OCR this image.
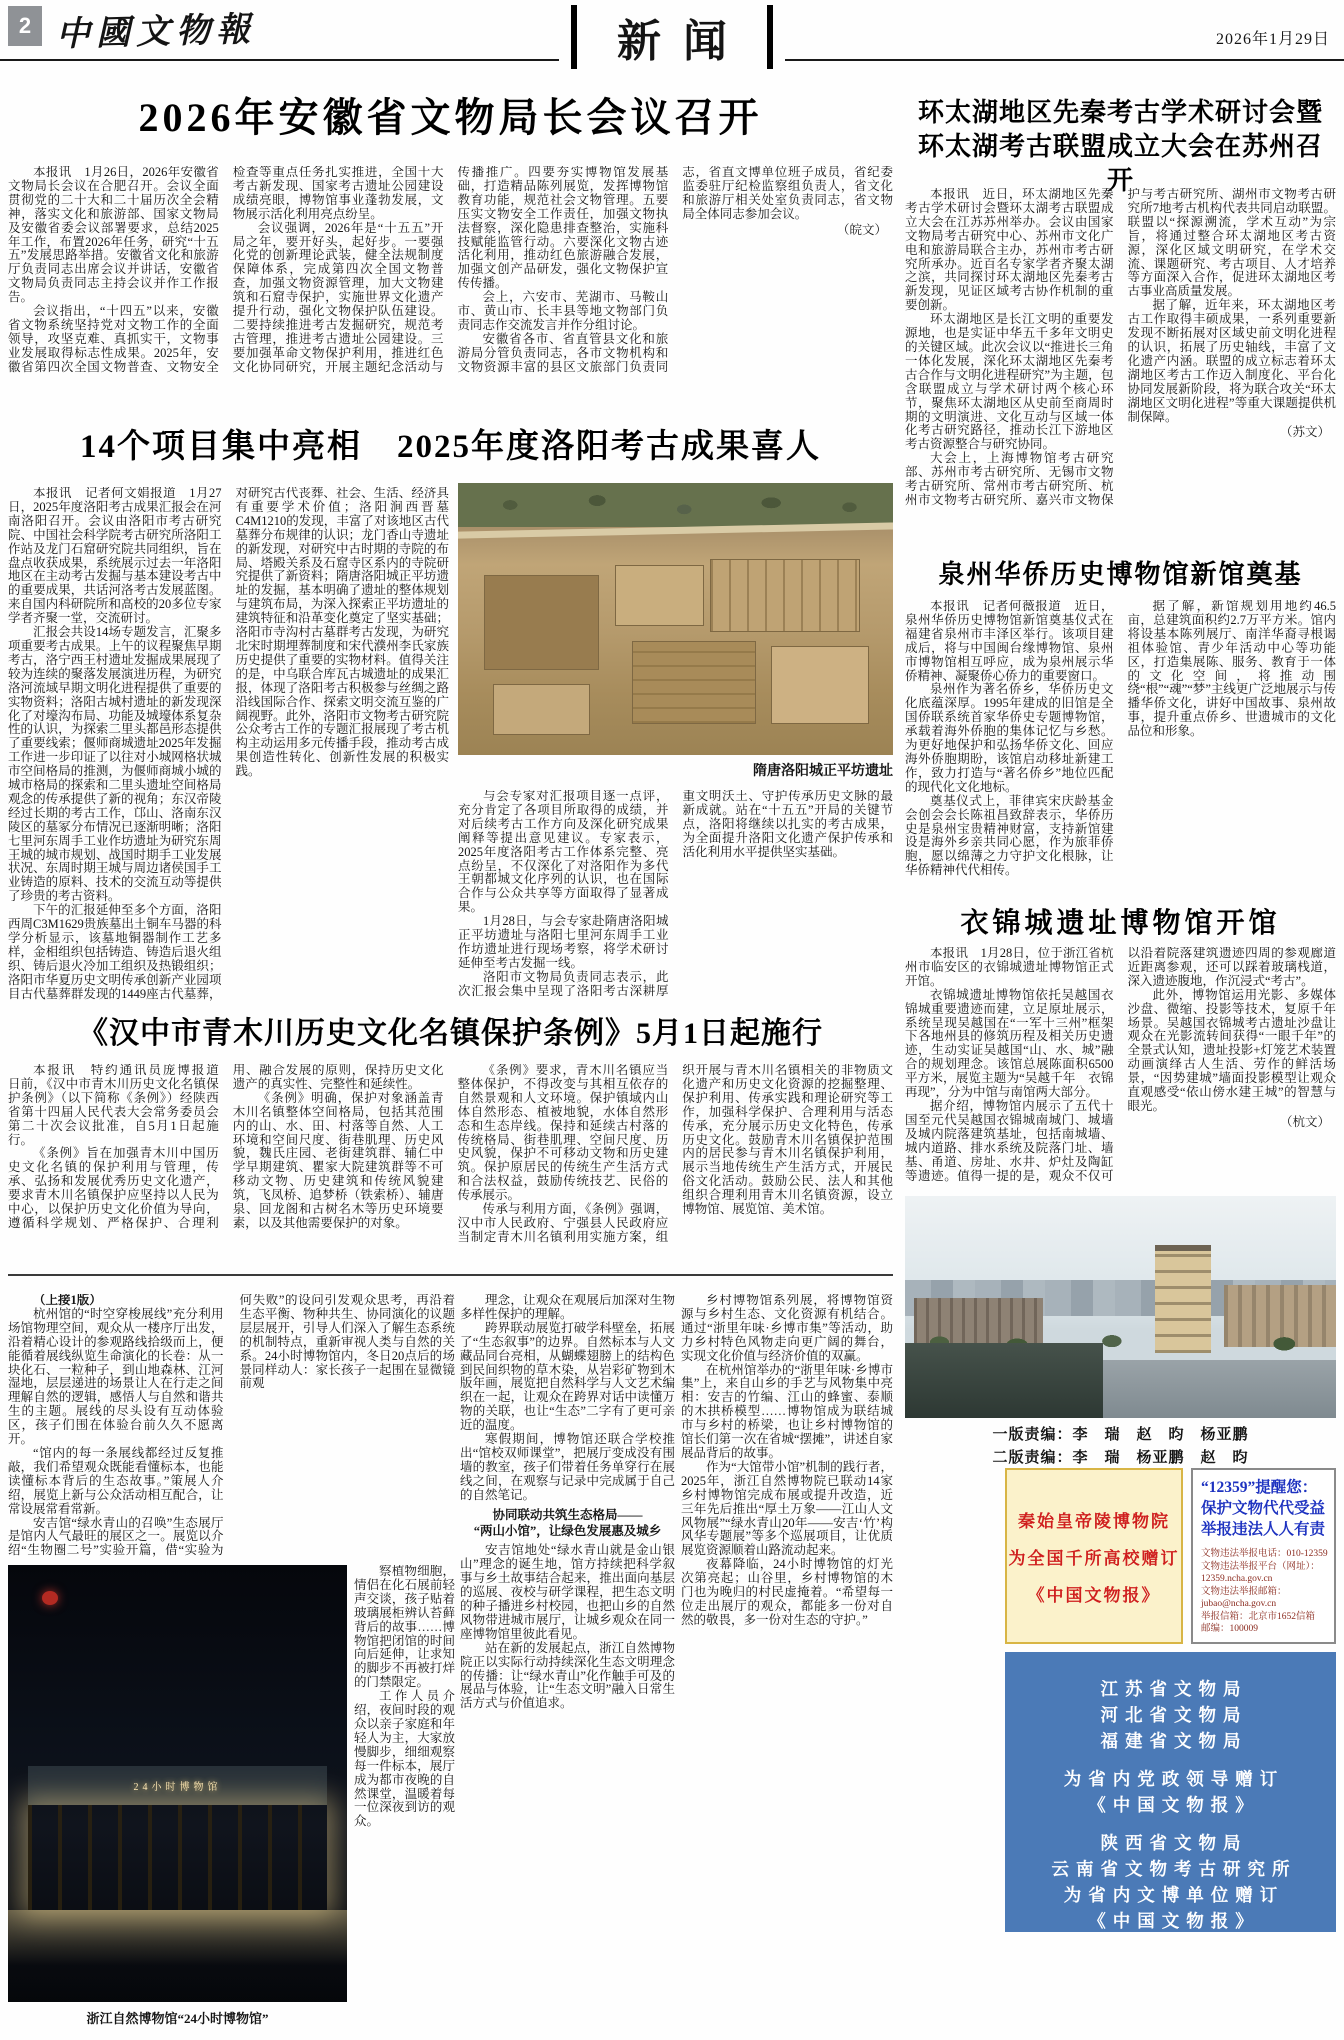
2 中國文物報	新闻	2026年1月29日
2026年安徽省文物局长会议召开

本报讯　1月26日，2026年安徽省文物局长会议在合肥召开。会议全面贯彻党的二十大和二十届历次全会精神，落实文化和旅游部、国家文物局及安徽省委会议部署要求，总结2025年工作，布置2026年任务，研究“十五五”发展思路举措。安徽省文化和旅游厅负责同志出席会议并讲话，安徽省文物局负责同志主持会议并作工作报告。

会议指出，“十四五”以来，安徽省文物系统坚持党对文物工作的全面领导，攻坚克难、真抓实干，文物事业发展取得标志性成果。2025年，安徽省第四次全国文物普查、文物安全检查等重点任务扎实推进，全国十大考古新发现、国家考古遗址公园建设成绩亮眼，博物馆事业蓬勃发展，文物展示活化利用亮点纷呈。

会议强调，2026年是“十五五”开局之年，要开好头，起好步。一要强化党的创新理论武装，健全法规制度保障体系，完成第四次全国文物普查，加强文物资源管理，加大文物建筑和石窟寺保护，实施世界文化遗产提升行动，强化文物保护队伍建设。二要持续推进考古发掘研究，规范考古管理，推进考古遗址公园建设。三要加强革命文物保护利用，推进红色文化协同研究，开展主题纪念活动与传播推广。四要夯实博物馆发展基础，打造精品陈列展览，发挥博物馆教育功能，规范社会文物管理。五要压实文物安全工作责任，加强文物执法督察，深化隐患排查整治，实施科技赋能监管行动。六要深化文物古迹活化利用，推动红色旅游融合发展，加强文创产品研发，强化文物保护宣传传播。

会上，六安市、芜湖市、马鞍山市、黄山市、长丰县等地文物部门负责同志作交流发言并作分组讨论。

安徽省各市、省直管县文化和旅游局分管负责同志，各市文物机构和文物资源丰富的县区文旅部门负责同志，省直文博单位班子成员，省纪委监委驻厅纪检监察组负责人，省文化和旅游厅相关处室负责同志，省文物局全体同志参加会议。

（皖文）

14个项目集中亮相　2025年度洛阳考古成果喜人

本报讯　记者何文娟报道　1月27日，2025年度洛阳考古成果汇报会在河南洛阳召开。会议由洛阳市考古研究院、中国社会科学院考古研究所洛阳工作站及龙门石窟研究院共同组织，旨在盘点收获成果，系统展示过去一年洛阳地区在主动考古发掘与基本建设考古中的重要成果，共话河洛考古发展蓝图。来自国内科研院所和高校的20多位专家学者齐聚一堂，交流研讨。

汇报会共设14场专题发言，汇聚多项重要考古成果。上午的议程聚焦早期考古，洛宁西王村遗址发掘成果展现了较为连续的聚落发展演进历程，为研究洛河流域早期文明化进程提供了重要的实物资料；洛阳古城村遗址的新发现深化了对壕沟布局、功能及城壕体系复杂性的认识，为探索二里头都邑形态提供了重要线索；偃师商城遗址2025年发掘工作进一步印证了以往对小城网格状城市空间格局的推测，为偃师商城小城的城市格局的探索和二里头遗址空间格局观念的传承提供了新的视角；东汉帝陵经过长期的考古工作，邙山、洛南东汉陵区的墓冢分布情况已逐渐明晰；洛阳七里河东周手工业作坊遗址为研究东周王城的城市规划、战国时期手工业发展状况、东周时期王城与周边诸侯国手工业铸造的原料、技术的交流互动等提供了珍贵的考古资料。

下午的汇报延伸至多个方面，洛阳西周C3M1629贵族墓出土铜车马器的科学分析显示，该墓地铜器制作工艺多样，金相组织包括铸造、铸造后退火组织、铸后退火冷加工组织及热锻组织；洛阳市华夏历史文明传承创新产业园项目古代墓葬群发现的1449座古代墓葬，对研究古代丧葬、社会、生活、经济具有重要学术价值；洛阳涧西晋墓C4M1210的发现，丰富了对该地区古代墓葬分布规律的认识；龙门香山寺遗址的新发现，对研究中古时期的寺院的布局、塔殿关系及石窟寺区系内的寺院研究提供了新资料；隋唐洛阳城正平坊遗址的发掘，基本明确了遗址的整体规划与建筑布局，为深入探索正平坊遗址的建筑特征和沿革变化奠定了坚实基础；洛阳市寺沟村古墓群考古发现，为研究北宋时期埋葬制度和宋代濮州李氏家族历史提供了重要的实物材料。值得关注的是，中乌联合库瓦古城遗址的成果汇报，体现了洛阳考古积极参与丝绸之路沿线国际合作、探索文明交流互鉴的广阔视野。此外，洛阳市文物考古研究院公众考古工作的专题汇报展现了考古机构主动运用多元传播手段，推动考古成果创造性转化、创新性发展的积极实践。	隋唐洛阳城正平坊遗址

与会专家对汇报项目逐一点评，充分肯定了各项目所取得的成绩，并对后续考古工作方向及深化研究成果阐释等提出意见建议。专家表示，2025年度洛阳考古工作体系完整、亮点纷呈，不仅深化了对洛阳作为多代王朝都城文化序列的认识，也在国际合作与公众共享等方面取得了显著成果。

1月28日，与会专家赴隋唐洛阳城正平坊遗址与洛阳七里河东周手工业作坊遗址进行现场考察，将学术研讨延伸至考古发掘一线。

洛阳市文物局负责同志表示，此次汇报会集中呈现了洛阳考古深耕厚重文明沃土、守护传承历史文脉的最新成就。站在“十五五”开局的关键节点，洛阳将继续以扎实的考古成果，为全面提升洛阳文化遗产保护传承和活化利用水平提供坚实基础。

《汉中市青木川历史文化名镇保护条例》5月1日起施行

本报讯　特约通讯员庞博报道　日前，《汉中市青木川历史文化名镇保护条例》（以下简称《条例》）经陕西省第十四届人民代表大会常务委员会第二十次会议批准，自5月1日起施行。

《条例》旨在加强青木川中国历史文化名镇的保护利用与管理，传承、弘扬和发展优秀历史文化遗产，要求青木川名镇保护应坚持以人民为中心，以保护历史文化价值为导向，遵循科学规划、严格保护、合理利用、融合发展的原则，保持历史文化遗产的真实性、完整性和延续性。

《条例》明确，保护对象涵盖青木川名镇整体空间格局，包括其范围内的山、水、田、村落等自然、人工环境和空间尺度、街巷肌理、历史风貌，魏氏庄园、老街建筑群、辅仁中学早期建筑、瞿家大院建筑群等不可移动文物、历史建筑和传统风貌建筑，飞凤桥、追梦桥（铁索桥）、辅唐泉、回龙阁和古树名木等历史环境要素，以及其他需要保护的对象。

《条例》要求，青木川名镇应当整体保护，不得改变与其相互依存的自然景观和人文环境。保护镇域内山体自然形态、植被地貌，水体自然形态和生态岸线。保持和延续古村落的传统格局、街巷肌理、空间尺度、历史风貌，保护不可移动文物和历史建筑。保护原居民的传统生产生活方式和合法权益，鼓励传统技艺、民俗的传承展示。

传承与利用方面，《条例》强调，汉中市人民政府、宁强县人民政府应当制定青木川名镇利用实施方案，组织开展与青木川名镇相关的非物质文化遗产和历史文化资源的挖掘整理、保护利用、传承实践和理论研究等工作，加强科学保护、合理利用与活态传承，充分展示历史文化特色，传承历史文化。鼓励青木川名镇保护范围内的居民参与青木川名镇保护利用，展示当地传统生产生活方式，开展民俗文化活动。鼓励公民、法人和其他组织合理利用青木川名镇资源，设立博物馆、展览馆、美术馆。

（上接1版）

杭州馆的“时空穿梭展线”充分利用场馆物理空间，观众从一楼序厅出发，沿着精心设计的参观路线拾级而上，便能循着展线纵览生命演化的长卷：从一块化石、一粒种子，到山地森林、江河湿地，层层递进的场景让人在行走之间理解自然的逻辑，感悟人与自然和谐共生的主题。展线的尽头设有互动体验区，孩子们围在体验台前久久不愿离开。

“馆内的每一条展线都经过反复推敲，我们希望观众既能看懂标本，也能读懂标本背后的生态故事。”策展人介绍，展览上新与公众活动相互配合，让常设展常看常新。

安吉馆“绿水青山的召唤”生态展厅是馆内人气最旺的展区之一。展览以介绍“生物圈二号”实验开篇，借“实验为何失败”的设问引发观众思考，再沿着生态平衡、物种共生、协同演化的议题层层展开，引导人们深入了解生态系统的机制特点，重新审视人类与自然的关系。24小时博物馆内，冬日20点后的场景同样动人：家长孩子一起围在显微镜前观

24小时博物馆
浙江自然博物馆“24小时博物馆”

察植物细胞，情侣在化石展前轻声交谈，孩子贴着玻璃展柜辨认苔藓背后的故事……博物馆把闭馆的时间向后延伸，让求知的脚步不再被打烊的门禁限定。

工作人员介绍，夜间时段的观众以亲子家庭和年轻人为主，大家放慢脚步，细细观察每一件标本，展厅成为都市夜晚的自然课堂，温暖着每一位深夜到访的观众。

理念，让观众在观展后加深对生物多样性保护的理解。

跨界联动展览打破学科壁垒，拓展了“生态叙事”的边界。自然标本与人文藏品同台亮相，从蝴蝶翅膀上的结构色到民间织物的草木染，从岩彩矿物到木版年画，展览把自然科学与人文艺术编织在一起，让观众在跨界对话中读懂万物的关联，也让“生态”二字有了更可亲近的温度。

寒假期间，博物馆还联合学校推出“馆校双师课堂”，把展厅变成没有围墙的教室，孩子们带着任务单穿行在展线之间，在观察与记录中完成属于自己的自然笔记。

协同联动共筑生态格局——

“两山小馆”，让绿色发展惠及城乡

安吉馆地处“绿水青山就是金山银山”理念的诞生地，馆方持续把科学叙事与乡土故事结合起来，推出面向基层的巡展、夜校与研学课程，把生态文明的种子播进乡村校园，也把山乡的自然风物带进城市展厅，让城乡观众在同一座博物馆里彼此看见。

站在新的发展起点，浙江自然博物院正以实际行动持续深化生态文明理念的传播：让“绿水青山”化作触手可及的展品与体验，让“生态文明”融入日常生活方式与价值追求。

乡村博物馆系列展，将博物馆资源与乡村生态、文化资源有机结合。通过“浙里年味·乡博市集”等活动，助力乡村特色风物走向更广阔的舞台，实现文化价值与经济价值的双赢。

在杭州馆举办的“浙里年味·乡博市集”上，来自山乡的手艺与风物集中亮相：安吉的竹编、江山的蜂蜜、泰顺的木拱桥模型……博物馆成为联结城市与乡村的桥梁，也让乡村博物馆的馆长们第一次在省城“摆摊”，讲述自家展品背后的故事。

作为“大馆带小馆”机制的践行者，2025年，浙江自然博物院已联动14家乡村博物馆完成布展或提升改造，近三年先后推出“厚土万象——江山人文风物展”“绿水青山20年——安吉‘竹’构风华专题展”等多个巡展项目，让优质展览资源顺着山路流动起来。

夜幕降临，24小时博物馆的灯光次第亮起；山谷里，乡村博物馆的木门也为晚归的村民虚掩着。“希望每一位走出展厅的观众，都能多一份对自然的敬畏，多一份对生态的守护。”

环太湖地区先秦考古学术研讨会暨
环太湖考古联盟成立大会在苏州召开

本报讯　近日，环太湖地区先秦考古学术研讨会暨环太湖考古联盟成立大会在江苏苏州举办。会议由国家文物局考古研究中心、苏州市文化广电和旅游局联合主办，苏州市考古研究所承办。近百名专家学者齐聚太湖之滨，共同探讨环太湖地区先秦考古新发现，见证区域考古协作机制的重要创新。

环太湖地区是长江文明的重要发源地，也是实证中华五千多年文明史的关键区域。此次会议以“推进长三角一体化发展，深化环太湖地区先秦考古合作与文明化进程研究”为主题，包含联盟成立与学术研讨两个核心环节，聚焦环太湖地区从史前至商周时期的文明演进、文化互动与区域一体化考古研究路径，推动长江下游地区考古资源整合与研究协同。

大会上，上海博物馆考古研究部、苏州市考古研究所、无锡市文物考古研究所、常州市考古研究所、杭州市文物考古研究所、嘉兴市文物保护与考古研究所、湖州市文物考古研究所7地考古机构代表共同启动联盟。联盟以“探源溯流，学术互动”为宗旨，将通过整合环太湖地区考古资源，深化区域文明研究，在学术交流、课题研究、考古项目、人才培养等方面深入合作，促进环太湖地区考古事业高质量发展。

据了解，近年来，环太湖地区考古工作取得丰硕成果，一系列重要新发现不断拓展对区域史前文明化进程的认识，拓展了历史轴线，丰富了文化遗产内涵。联盟的成立标志着环太湖地区考古工作迈入制度化、平台化协同发展新阶段，将为联合攻关“环太湖地区文明化进程”等重大课题提供机制保障。

（苏文）

泉州华侨历史博物馆新馆奠基

本报讯　记者何薇报道　近日，泉州华侨历史博物馆新馆奠基仪式在福建省泉州市丰泽区举行。该项目建成后，将与中国闽台缘博物馆、泉州市博物馆相互呼应，成为泉州展示华侨精神、凝聚侨心侨力的重要窗口。

泉州作为著名侨乡，华侨历史文化底蕴深厚。1995年建成的旧馆是全国侨联系统首家华侨史专题博物馆，承载着海外侨胞的集体记忆与乡愁。为更好地保护和弘扬华侨文化、回应海外侨胞期盼，该馆启动移址新建工作，致力打造与“著名侨乡”地位匹配的现代化文化地标。

奠基仪式上，菲律宾宋庆龄基金会创会会长陈祖昌致辞表示，华侨历史是泉州宝贵精神财富，支持新馆建设是海外乡亲共同心愿，作为旅菲侨胞，愿以绵薄之力守护文化根脉，让华侨精神代代相传。

据了解，新馆规划用地约46.5亩，总建筑面积约2.7万平方米。馆内将设基本陈列展厅、南洋华裔寻根谒祖体验馆、青少年活动中心等功能区，打造集展陈、服务、教育于一体的文化空间，将推动围绕“根”“魂”“梦”主线更广泛地展示与传播华侨文化，讲好中国故事、泉州故事，提升重点侨乡、世遗城市的文化品位和形象。

衣锦城遗址博物馆开馆

本报讯　1月28日，位于浙江省杭州市临安区的衣锦城遗址博物馆正式开馆。

衣锦城遗址博物馆依托吴越国衣锦城重要遗迹而建，立足原址展示，系统呈现吴越国在“一军十三州”框架下各地州县的修筑历程及相关历史遗迹，生动实证吴越国“山、水、城”融合的规划理念。该馆总展陈面积6500平方米，展览主题为“吴越千年　衣锦再现”，分为中馆与南馆两大部分。

据介绍，博物馆内展示了五代十国至元代吴越国衣锦城南城门、城墙及城内院落建筑基址，包括南城墙、城内道路、排水系统及院落门址、墙基、甬道、房址、水井、炉灶及陶缸等遗迹。值得一提的是，观众不仅可以沿着院落建筑遗迹四周的参观廊道近距离参观，还可以踩着玻璃栈道，深入遗迹腹地，作沉浸式“考古”。

此外，博物馆运用光影、多媒体沙盘、微缩、投影等技术，复原千年场景。吴越国衣锦城考古遗址沙盘让观众在光影流转间获得“一眼千年”的全景式认知，遗址投影+灯笼艺术装置动画演绎古人生活、劳作的鲜活场景，“因势建城”墙面投影模型让观众直观感受“依山傍水建王城”的智慧与眼光。

（杭文）

一版责编：李　瑞　赵　昀　杨亚鹏
二版责编：李　瑞　杨亚鹏　赵　昀
秦始皇帝陵博物院
为全国千所高校赠订
《中国文物报》
“12359”提醒您：
保护文物代代受益
举报违法人人有责
文物违法举报电话：010-12359
文物违法举报平台（网址）：12359.ncha.gov.cn
文物违法举报邮箱：jubao@ncha.gov.cn
举报信箱：北京市1652信箱
邮编：100009
江苏省文物局
河北省文物局
福建省文物局
为省内党政领导赠订
《中国文物报》
陕西省文物局
云南省文物考古研究所
为省内文博单位赠订
《中国文物报》
